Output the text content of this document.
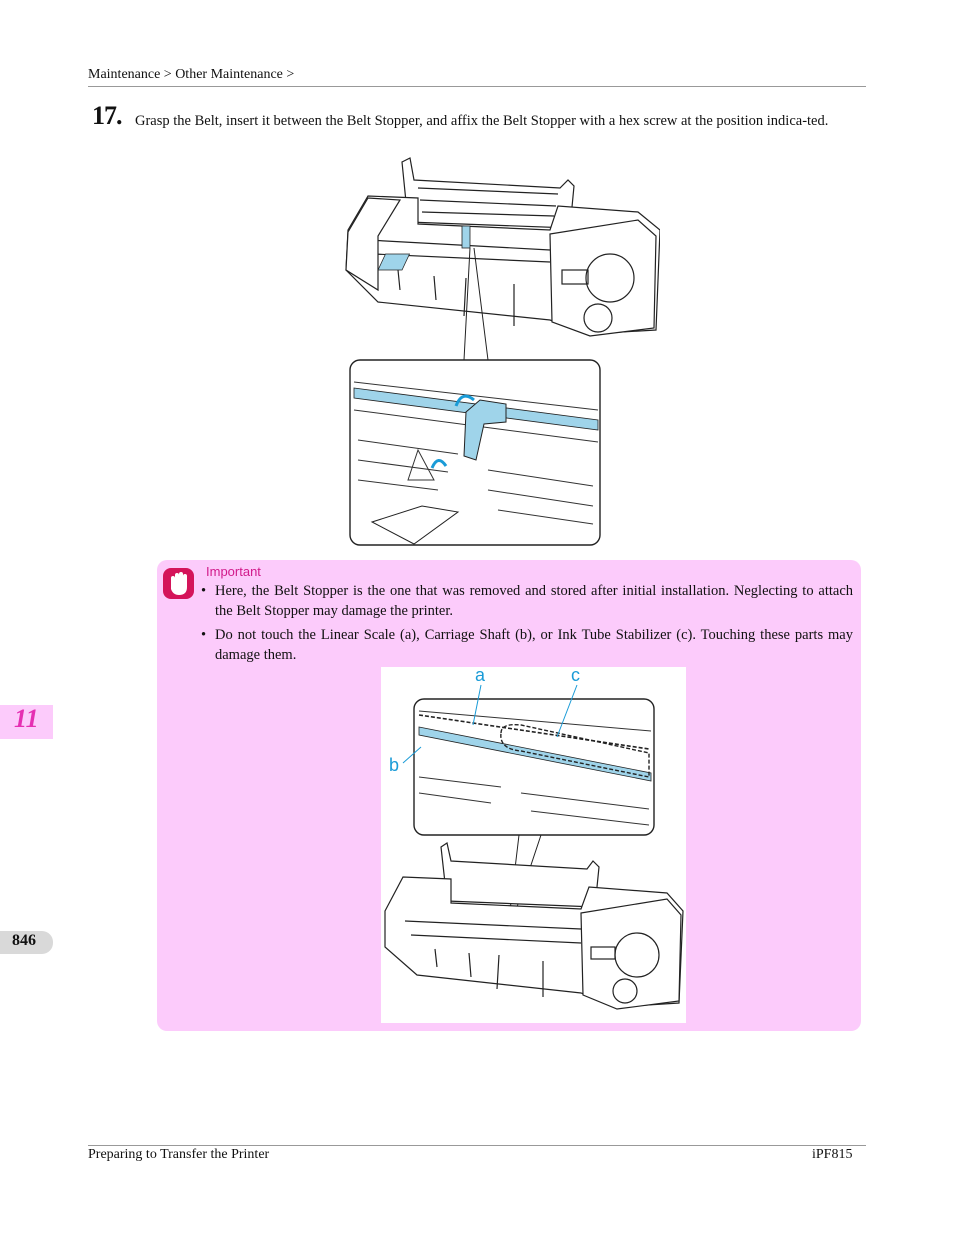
Maintenance > Other Maintenance >
17. Grasp the Belt, insert it between the Belt Stopper, and affix the Belt Stopper with a hex screw at the position indica-ted.
Important
• Here, the Belt Stopper is the one that was removed and stored after initial installation. Neglecting to attach the Belt Stopper may damage the printer.
• Do not touch the Linear Scale (a), Carriage Shaft (b), or Ink Tube Stabilizer (c). Touching these parts may damage them.
a	c
b
11
846
Preparing to Transfer the Printer	iPF815
